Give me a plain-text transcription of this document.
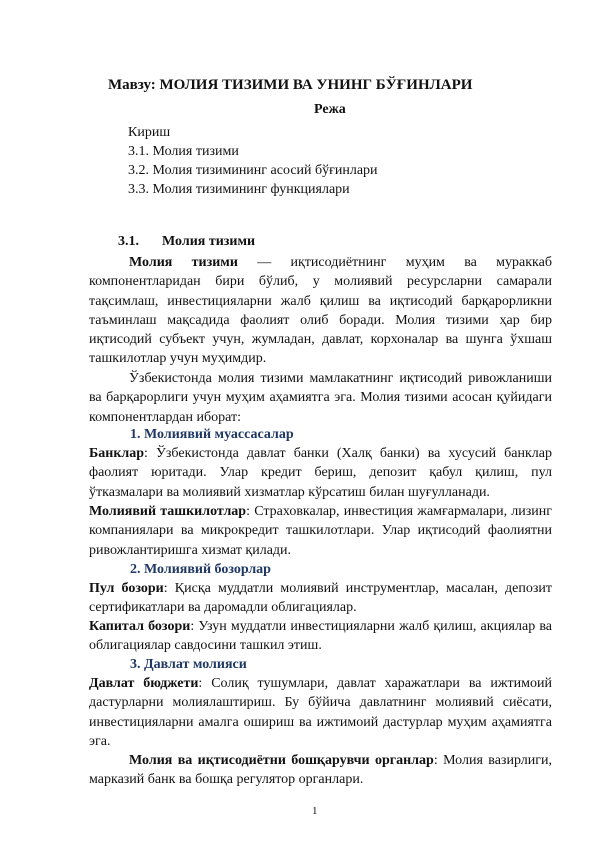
Мавзу: МОЛИЯ ТИЗИМИ ВА УНИНГ БЎҒИНЛАРИ
Режа
Кириш
3.1. Молия тизими
3.2. Молия тизимининг асосий бўғинлари
3.3. Молия тизимининг функциялари
3.1. Молия тизими

Молия тизими — иқтисодиётнинг муҳим ва мураккаб компонентларидан бири бўлиб, у молиявий ресурсларни самарали тақсимлаш, инвестицияларни жалб қилиш ва иқтисодий барқарорликни таъминлаш мақсадида фаолият олиб боради. Молия тизими ҳар бир иқтисодий субъект учун, жумладан, давлат, корхоналар ва шунга ўхшаш ташкилотлар учун муҳимдир.

Ўзбекистонда молия тизими мамлакатнинг иқтисодий ривожланиши ва барқарорлиги учун муҳим аҳамиятга эга. Молия тизими асосан қуйидаги компонентлардан иборат:

1. Молиявий муассасалар

Банклар: Ўзбекистонда давлат банки (Халқ банки) ва хусусий банклар фаолият юритади. Улар кредит бериш, депозит қабул қилиш, пул ўтказмалари ва молиявий хизматлар кўрсатиш билан шуғулланади.

Молиявий ташкилотлар: Страховкалар, инвестиция жамғармалари, лизинг компаниялари ва микрокредит ташкилотлари. Улар иқтисодий фаолиятни ривожлантиришга хизмат қилади.

2. Молиявий бозорлар

Пул бозори: Қисқа муддатли молиявий инструментлар, масалан, депозит сертификатлари ва даромадли облигациялар.

Капитал бозори: Узун муддатли инвестицияларни жалб қилиш, акциялар ва облигациялар савдосини ташкил этиш.

3. Давлат молияси

Давлат бюджети: Солиқ тушумлари, давлат харажатлари ва ижтимоий дастурларни молиялаштириш. Бу бўйича давлатнинг молиявий сиёсати, инвестицияларни амалга ошириш ва ижтимоий дастурлар муҳим аҳамиятга эга.

Молия ва иқтисодиётни бошқарувчи органлар: Молия вазирлиги, марказий банк ва бошқа регулятор органлари.

1
